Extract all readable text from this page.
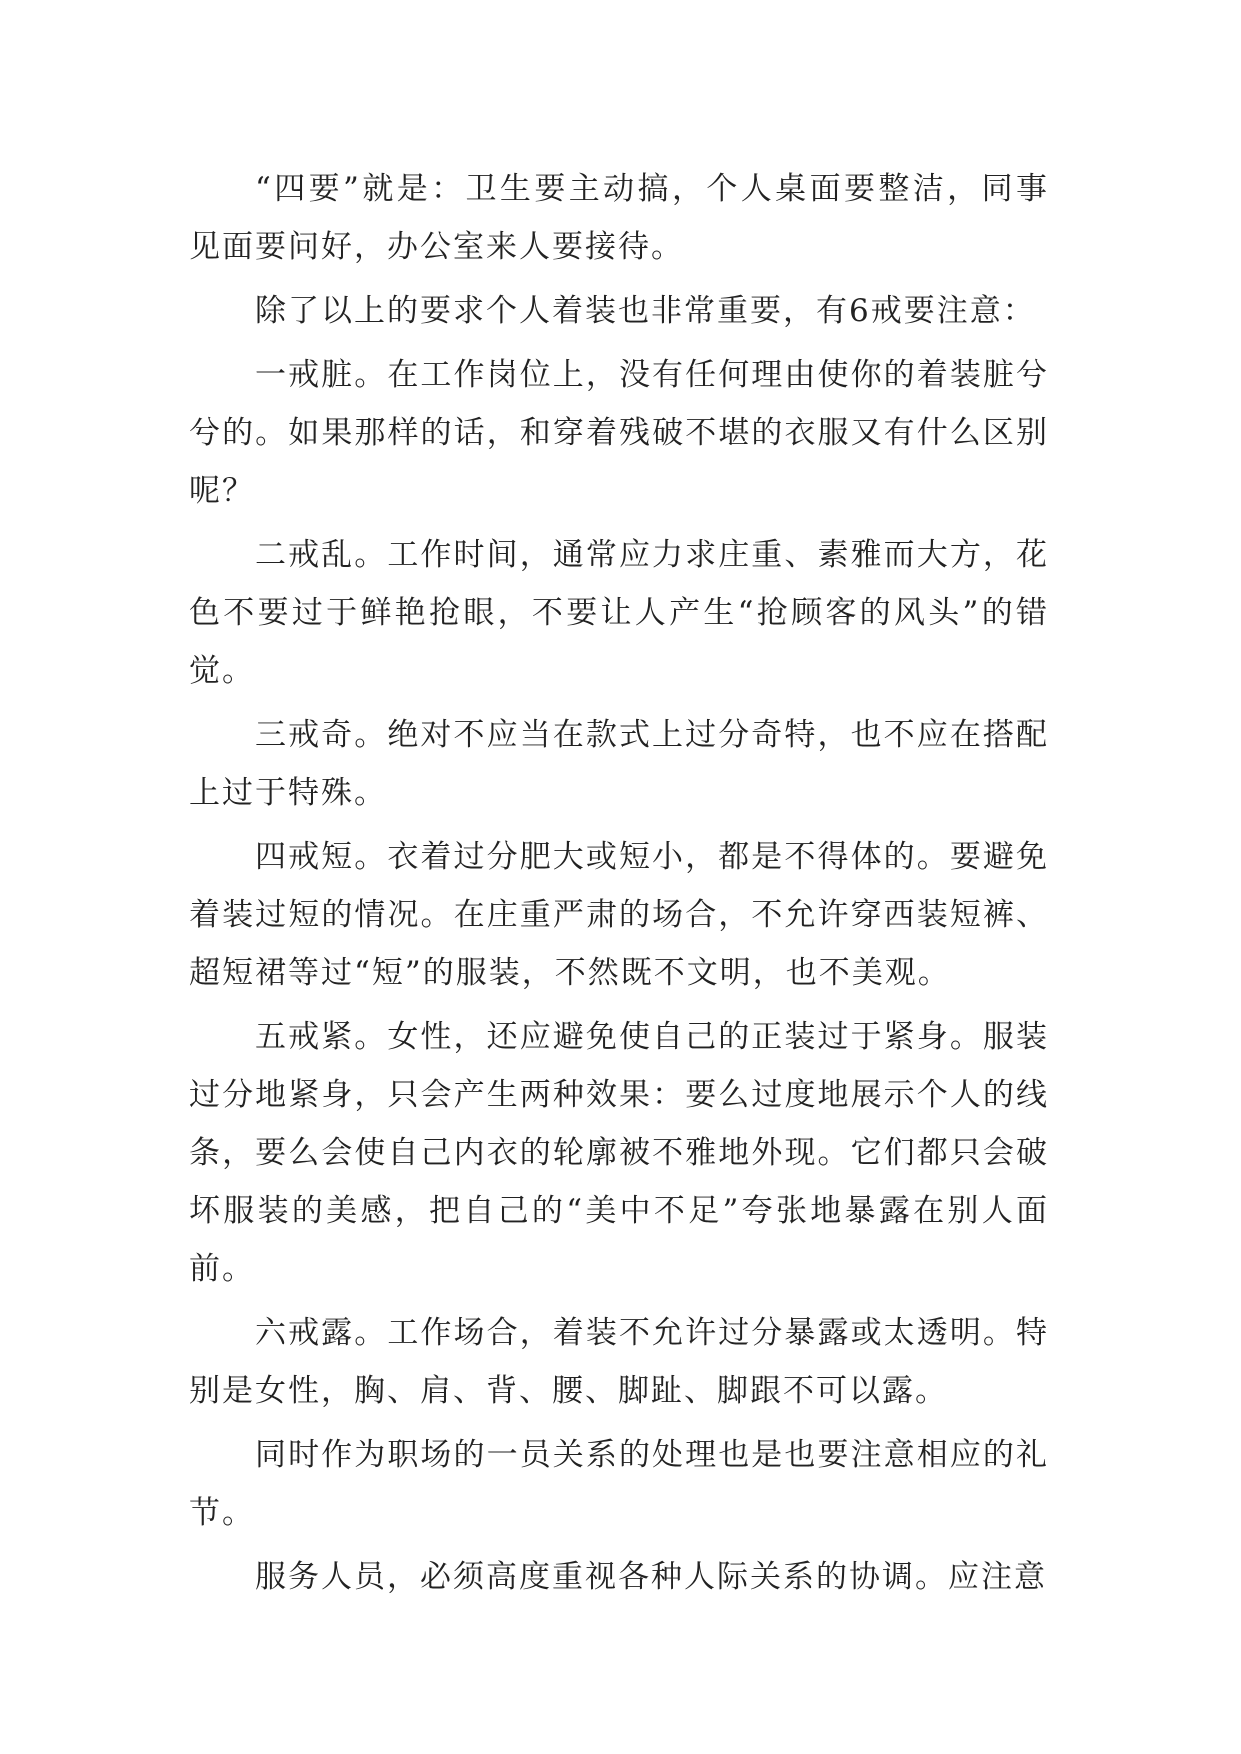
“四要”就是：卫生要主动搞，个人桌面要整洁，同事见面要问好，办公室来人要接待。

除了以上的要求个人着装也非常重要，有6戒要注意：

一戒脏。在工作岗位上，没有任何理由使你的着装脏兮兮的。如果那样的话，和穿着残破不堪的衣服又有什么区别呢？

二戒乱。工作时间，通常应力求庄重、素雅而大方，花色不要过于鲜艳抢眼，不要让人产生“抢顾客的风头”的错觉。

三戒奇。绝对不应当在款式上过分奇特，也不应在搭配上过于特殊。

四戒短。衣着过分肥大或短小，都是不得体的。要避免着装过短的情况。在庄重严肃的场合，不允许穿西装短裤、超短裙等过“短”的服装，不然既不文明，也不美观。

五戒紧。女性，还应避免使自己的正装过于紧身。服装过分地紧身，只会产生两种效果：要么过度地展示个人的线条，要么会使自己内衣的轮廓被不雅地外现。它们都只会破坏服装的美感，把自己的“美中不足”夸张地暴露在别人面前。

六戒露。工作场合，着装不允许过分暴露或太透明。特别是女性，胸、肩、背、腰、脚趾、脚跟不可以露。

同时作为职场的一员关系的处理也是也要注意相应的礼节。

服务人员，必须高度重视各种人际关系的协调。应注意
